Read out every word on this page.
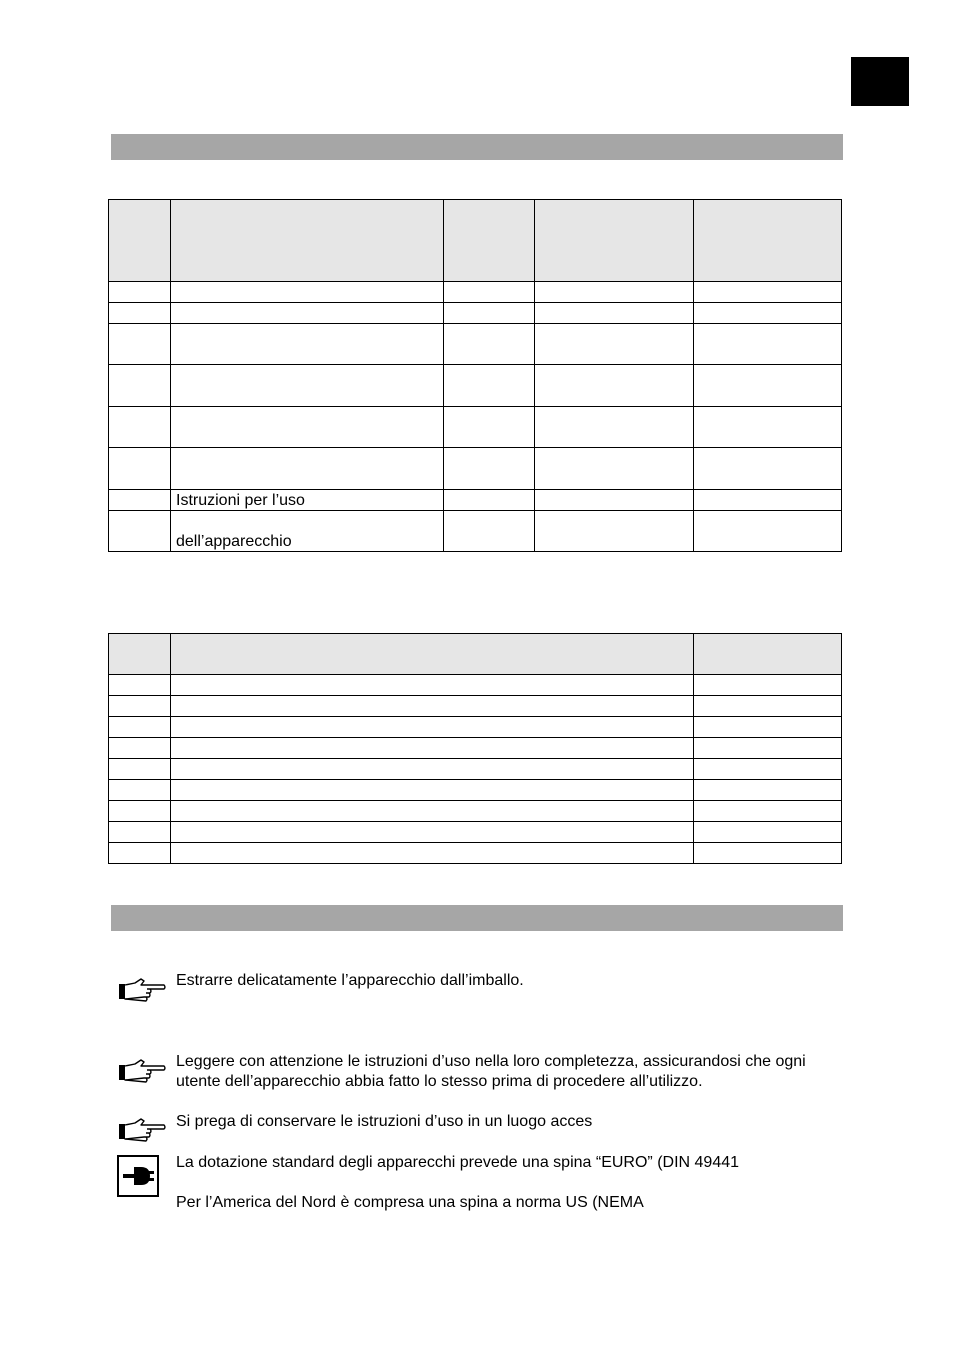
	Istruzioni per l’uso			
	dell’apparecchio			

Estrarre delicatamente l’apparecchio dall’imballo.
Leggere con attenzione le istruzioni d’uso nella loro completezza, assicurandosi che ogni utente dell’apparecchio abbia fatto lo stesso prima di procedere all’utilizzo.
Si prega di conservare le istruzioni d’uso in un luogo acces
La dotazione standard degli apparecchi prevede una spina “EURO” (DIN 49441
Per l’America del Nord è compresa una spina a norma US (NEMA
